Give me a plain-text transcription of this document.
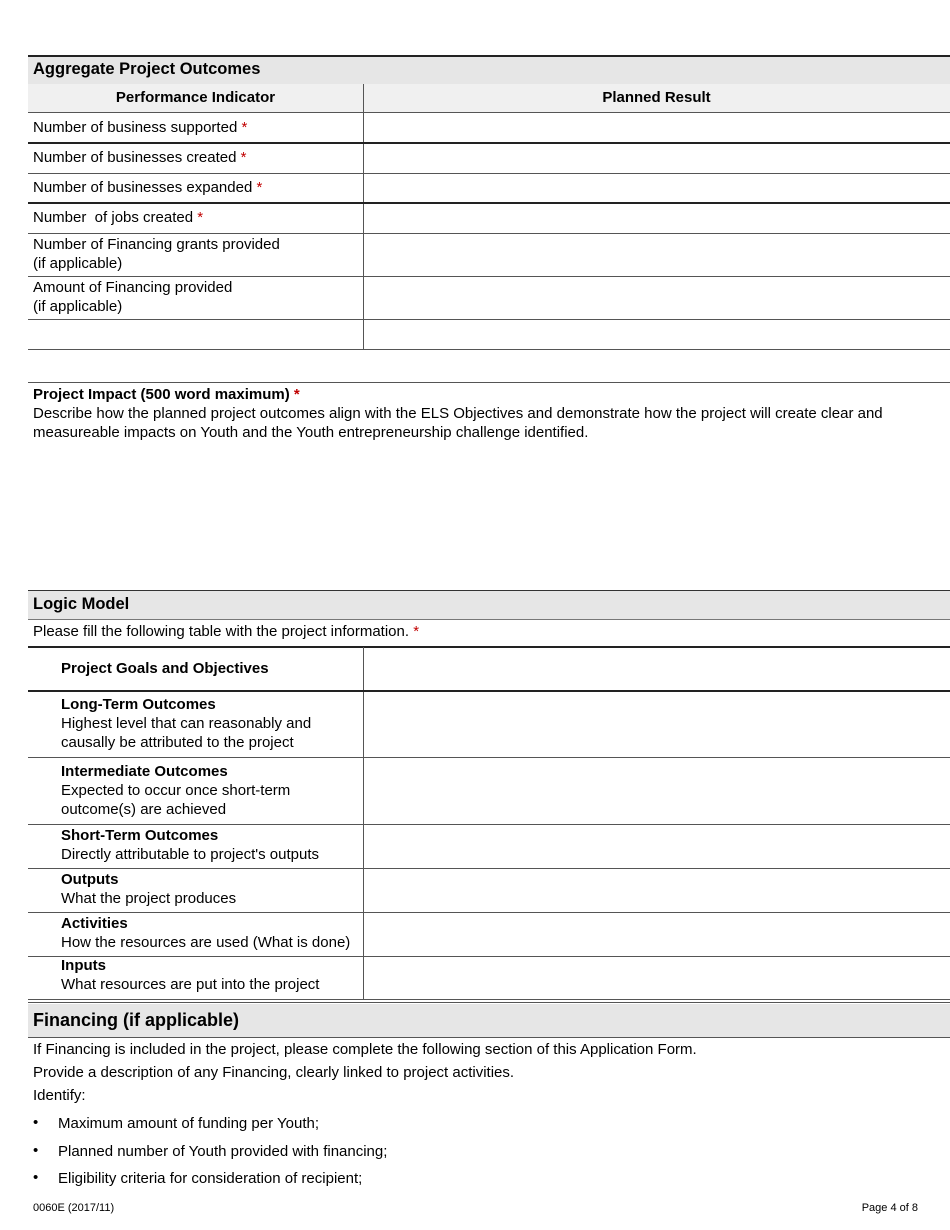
Aggregate Project Outcomes
Performance Indicator	Planned Result
Number of business supported *
Number of businesses created *
Number of businesses expanded *
Number  of jobs created *
Number of Financing grants provided
(if applicable)
Amount of Financing provided
(if applicable)
Project Impact (500 word maximum) *
Describe how the planned project outcomes align with the ELS Objectives and demonstrate how the project will create clear and measureable impacts on Youth and the Youth entrepreneurship challenge identified.
Logic Model
Please fill the following table with the project information. *
Project Goals and Objectives
Long-Term Outcomes
Highest level that can reasonably and
causally be attributed to the project
Intermediate Outcomes
Expected to occur once short-term
outcome(s) are achieved
Short-Term Outcomes
Directly attributable to project's outputs
Outputs
What the project produces
Activities
How the resources are used (What is done)
Inputs
What resources are put into the project
Financing (if applicable)
If Financing is included in the project, please complete the following section of this Application Form.
Provide a description of any Financing, clearly linked to project activities.
Identify:
• Maximum amount of funding per Youth;
• Planned number of Youth provided with financing;
• Eligibility criteria for consideration of recipient;
0060E (2017/11)	Page 4 of 8
